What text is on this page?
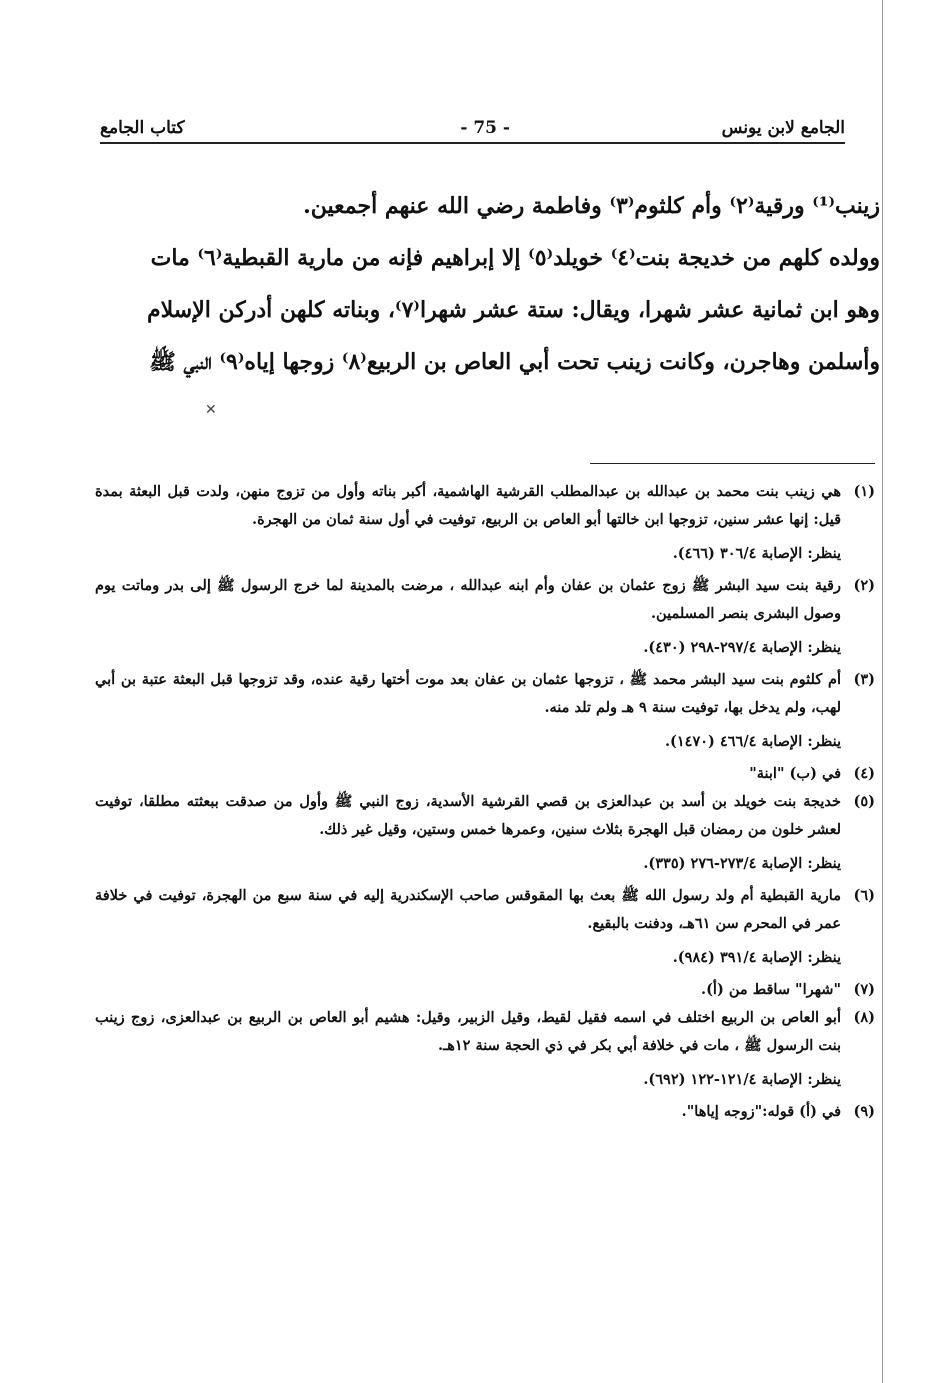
الجامع لابن يونس
- 75 -
كتاب الجامع

زينب⁽¹⁾ ورقية⁽٢⁾ وأم كلثوم⁽٣⁾ وفاطمة رضي الله عنهم أجمعين.

وولده كلهم من خديجة بنت⁽٤⁾ خويلد⁽٥⁾ إلا إبراهيم فإنه من مارية القبطية⁽٦⁾ مات

وهو ابن ثمانية عشر شهرا، ويقال: ستة عشر شهرا⁽٧⁾، وبناته كلهن أدركن الإسلام

وأسلمن وهاجرن، وكانت زينب تحت أبي العاص بن الربيع⁽٨⁾ زوجها إياه⁽٩⁾ النبي ﷺ

✕
(١)
هي زينب بنت محمد بن عبدالله بن عبدالمطلب القرشية الهاشمية، أكبر بناته وأول من تزوج منهن، ولدت قبل البعثة بمدة قيل: إنها عشر سنين، تزوجها ابن خالتها أبو العاص بن الربيع، توفيت في أول سنة ثمان من الهجرة.
ينظر: الإصابة ٣٠٦/٤ (٤٦٦).
(٢)
رقية بنت سيد البشر ﷺ زوج عثمان بن عفان وأم ابنه عبدالله ، مرضت بالمدينة لما خرج الرسول ﷺ إلى بدر وماتت يوم وصول البشرى بنصر المسلمين.
ينظر: الإصابة ٢٩٧/٤-٢٩٨ (٤٣٠).
(٣)
أم كلثوم بنت سيد البشر محمد ﷺ ، تزوجها عثمان بن عفان بعد موت أختها رقية عنده، وقد تزوجها قبل البعثة عتبة بن أبي لهب، ولم يدخل بها، توفيت سنة ٩ هـ ولم تلد منه.
ينظر: الإصابة ٤٦٦/٤ (١٤٧٠).
(٤)
في (ب) "ابنة"
(٥)
خديجة بنت خويلد بن أسد بن عبدالعزى بن قصي القرشية الأسدية، زوج النبي ﷺ وأول من صدقت ببعثته مطلقا، توفيت لعشر خلون من رمضان قبل الهجرة بثلاث سنين، وعمرها خمس وستين، وقيل غير ذلك.
ينظر: الإصابة ٢٧٣/٤-٢٧٦ (٣٣٥).
(٦)
مارية القبطية أم ولد رسول الله ﷺ بعث بها المقوقس صاحب الإسكندرية إليه في سنة سبع من الهجرة، توفيت في خلافة عمر في المحرم سن ٦١هـ، ودفنت بالبقيع.
ينظر: الإصابة ٣٩١/٤ (٩٨٤).
(٧)
"شهرا" ساقط من (أ).
(٨)
أبو العاص بن الربيع اختلف في اسمه فقيل لقيط، وقيل الزبير، وقيل: هشيم أبو العاص بن الربيع بن عبدالعزى، زوج زينب بنت الرسول ﷺ ، مات في خلافة أبي بكر في ذي الحجة سنة ١٢هـ.
ينظر: الإصابة ١٢١/٤-١٢٢ (٦٩٢).
(٩)
في (أ) قوله:"زوجه إياها".
